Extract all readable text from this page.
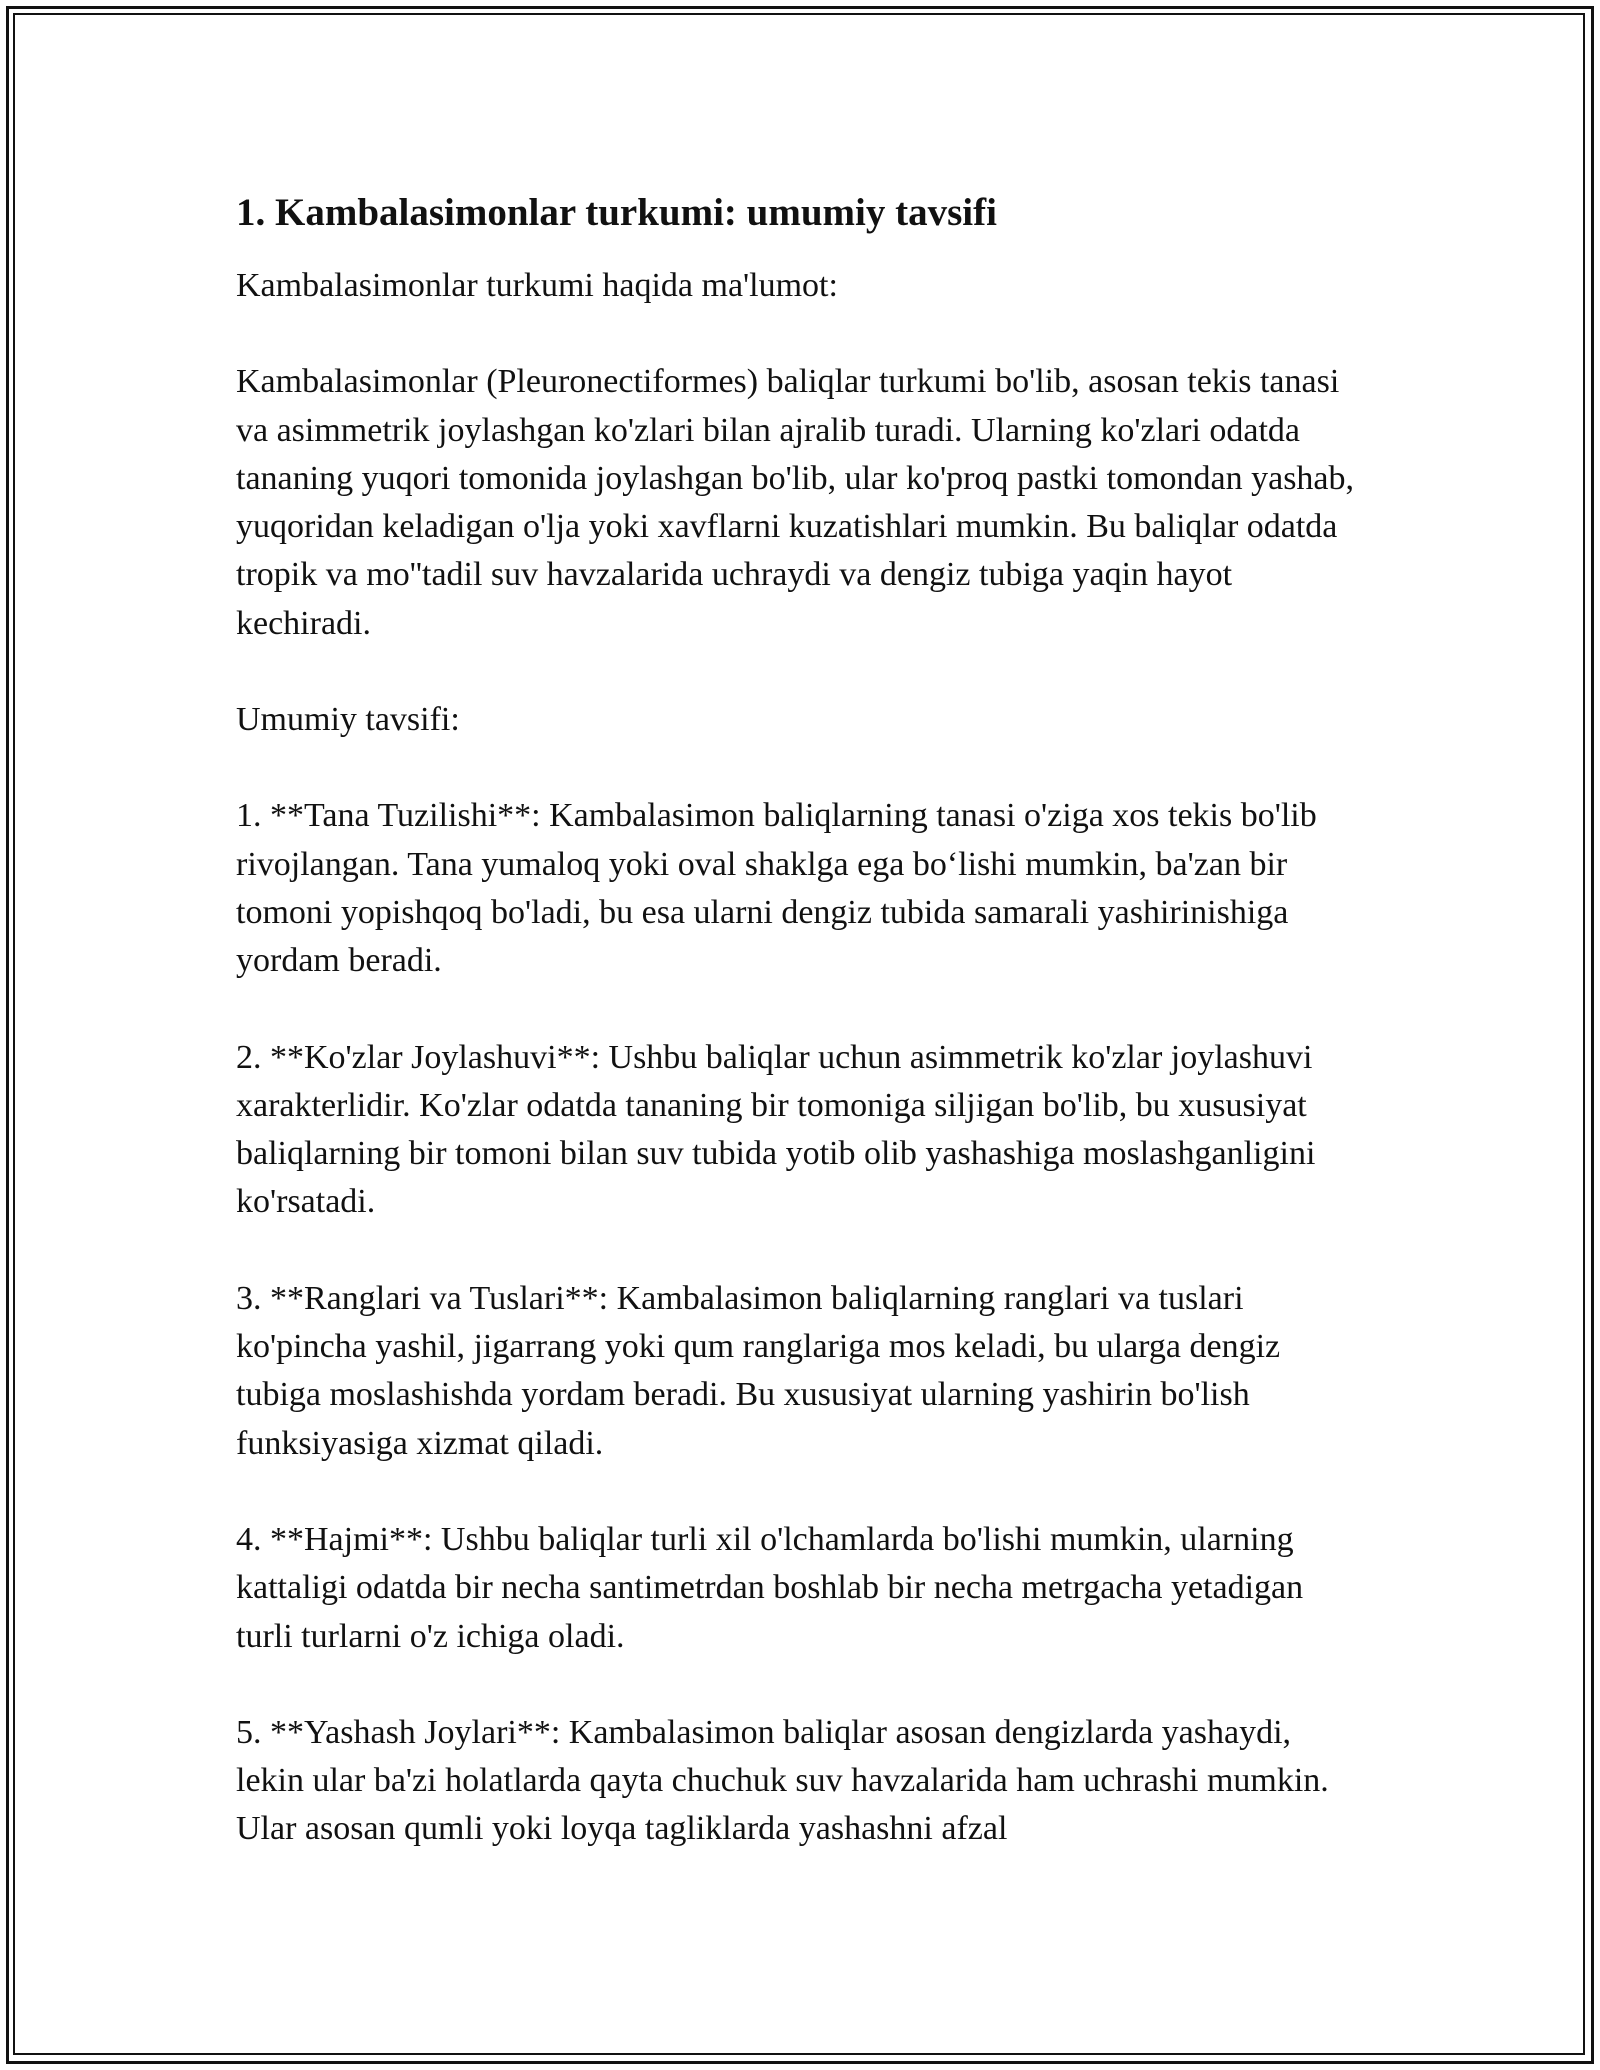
1. Kambalasimonlar turkumi: umumiy tavsifi

Kambalasimonlar turkumi haqida ma'lumot:

Kambalasimonlar (Pleuronectiformes) baliqlar turkumi bo'lib, asosan tekis tanasi va asimmetrik joylashgan ko'zlari bilan ajralib turadi. Ularning ko'zlari odatda tananing yuqori tomonida joylashgan bo'lib, ular ko'proq pastki tomondan yashab, yuqoridan keladigan o'lja yoki xavflarni kuzatishlari mumkin. Bu baliqlar odatda tropik va mo''tadil suv havzalarida uchraydi va dengiz tubiga yaqin hayot kechiradi.

Umumiy tavsifi:

1. **Tana Tuzilishi**: Kambalasimon baliqlarning tanasi o'ziga xos tekis bo'lib rivojlangan. Tana yumaloq yoki oval shaklga ega bo‘lishi mumkin, ba'zan bir tomoni yopishqoq bo'ladi, bu esa ularni dengiz tubida samarali yashirinishiga yordam beradi.

2. **Ko'zlar Joylashuvi**: Ushbu baliqlar uchun asimmetrik ko'zlar joylashuvi xarakterlidir. Ko'zlar odatda tananing bir tomoniga siljigan bo'lib, bu xususiyat baliqlarning bir tomoni bilan suv tubida yotib olib yashashiga moslashganligini ko'rsatadi.

3. **Ranglari va Tuslari**: Kambalasimon baliqlarning ranglari va tuslari ko'pincha yashil, jigarrang yoki qum ranglariga mos keladi, bu ularga dengiz tubiga moslashishda yordam beradi. Bu xususiyat ularning yashirin bo'lish funksiyasiga xizmat qiladi.

4. **Hajmi**: Ushbu baliqlar turli xil o'lchamlarda bo'lishi mumkin, ularning kattaligi odatda bir necha santimetrdan boshlab bir necha metrgacha yetadigan turli turlarni o'z ichiga oladi.

5. **Yashash Joylari**: Kambalasimon baliqlar asosan dengizlarda yashaydi, lekin ular ba'zi holatlarda qayta chuchuk suv havzalarida ham uchrashi mumkin. Ular asosan qumli yoki loyqa tagliklarda yashashni afzal
